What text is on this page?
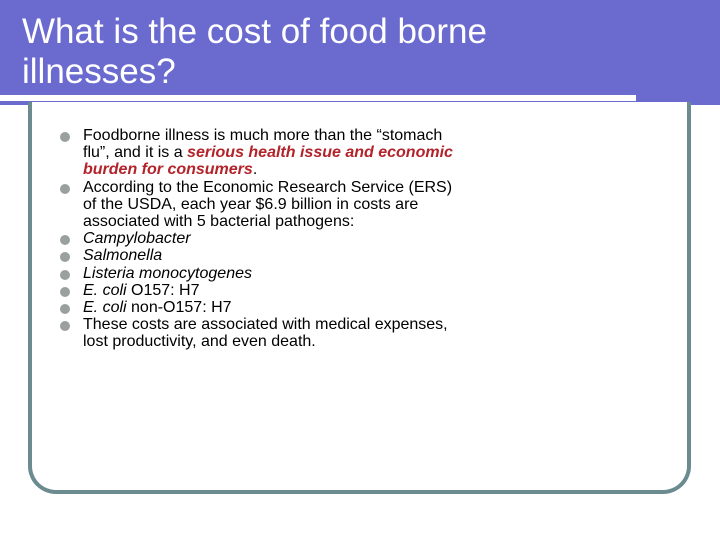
What is the cost of food borne
illnesses?
Foodborne illness is much more than the “stomach flu”, and it is a serious health issue and economic burden for consumers.
According to the Economic Research Service (ERS) of the USDA, each year $6.9 billion in costs are associated with 5 bacterial pathogens:
Campylobacter
Salmonella
Listeria monocytogenes
E. coli O157: H7
E. coli non-O157: H7
These costs are associated with medical expenses, lost productivity, and even death.
